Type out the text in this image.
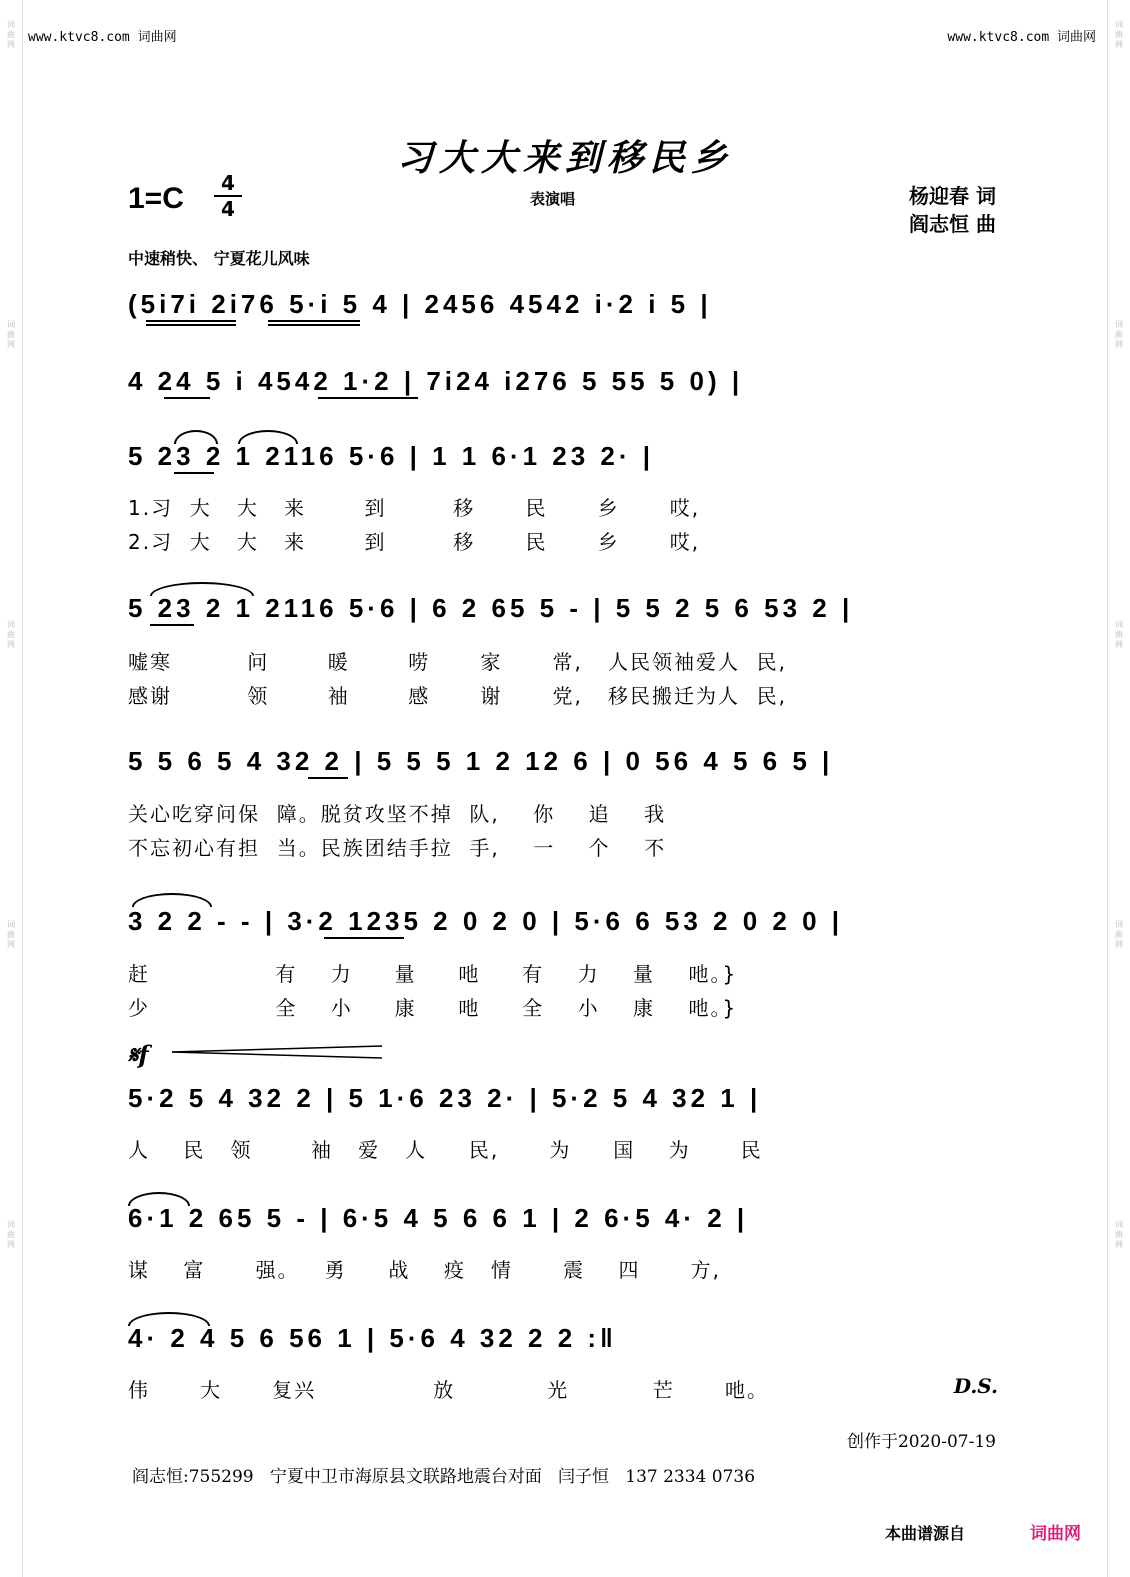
词曲网
词曲网
词曲网
词曲网
词曲网
词曲网
词曲网
词曲网
词曲网
词曲网
www.ktvc8.com 词曲网	www.ktvc8.com 词曲网
习大大来到移民乡
1=C	4
4	表演唱	杨迎春 词
阎志恒 曲
中速稍快、 宁夏花儿风味
(5i7i 2i76 5·i 5 4 | 2456 4542 i·2 i 5 |
4 24 5 i 4542 1·2 | 7i24 i276 5 55 5 0) |
5 23 2 1 2116 5·6 | 1 1 6·1 23 2· |
1.习  大   大   来       到        移      民      乡      哎,
2.习  大   大   来       到        移      民      乡      哎,
5 23 2 1 2116 5·6 | 6 2 65 5 - | 5 5 2 5 6 53 2 |
嘘寒         问       暖       唠      家      常,   人民领袖爱人  民,
感谢         领       袖       感      谢      党,   移民搬迁为人  民,
5 5 6 5 4 32 2 | 5 5 5 1 2 12 6 | 0 56 4 5 6 5 |
关心吃穿问保  障。脱贫攻坚不掉  队,    你    追    我
不忘初心有担  当。民族团结手拉  手,    一    个    不
3 2 2 - - | 3·2 1235 2 0 2 0 | 5·6 6 53 2 0 2 0 |
赶               有    力     量     吔     有    力    量    吔。}
少               全    小     康     吔     全    小    康    吔。}
𝄋f
5·2 5 4 32 2 | 5 1·6 23 2· | 5·2 5 4 32 1 |
人    民   领       袖   爱   人     民,      为     国    为      民
6·1 2 65 5 - | 6·5 4 5 6 6 1 | 2 6·5 4· 2 |
谋    富      强。   勇     战    疫   情      震    四      方,
4· 2 4 5 6 56 1 | 5·6 4 32 2 2 :‖
伟      大      复兴              放           光          芒      吔。	D.S.
创作于2020-07-19
阎志恒:755299   宁夏中卫市海原县文联路地震台对面   闫子恒   137 2334 0736
本曲谱源自	词曲网
